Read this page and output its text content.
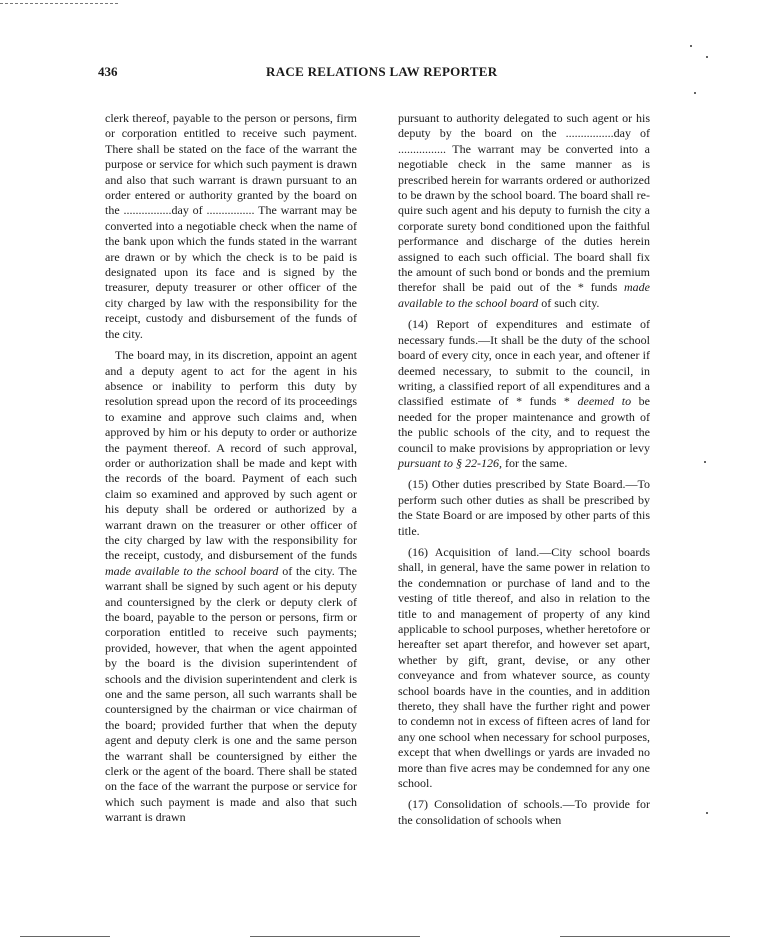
436	RACE RELATIONS LAW REPORTER

clerk thereof, payable to the person or persons, firm or corporation entitled to receive such payment. There shall be stated on the face of the warrant the purpose or service for which such payment is drawn and also that such warrant is drawn pursuant to an order entered or authority granted by the board on the ................day of ................ The warrant may be converted into a negotiable check when the name of the bank upon which the funds stated in the warrant are drawn or by which the check is to be paid is designated upon its face and is signed by the treasurer, deputy treasurer or other officer of the city charged by law with the responsibility for the receipt, custody and disbursement of the funds of the city.

The board may, in its discretion, appoint an agent and a deputy agent to act for the agent in his absence or inability to perform this duty by resolution spread upon the record of its proceedings to examine and approve such claims and, when approved by him or his deputy to order or authorize the payment thereof. A record of such approval, order or authorization shall be made and kept with the records of the board. Payment of each such claim so examined and approved by such agent or his deputy shall be ordered or authorized by a warrant drawn on the treasurer or other officer of the city charged by law with the responsibility for the receipt, custody, and disbursement of the funds made available to the school board of the city. The warrant shall be signed by such agent or his deputy and countersigned by the clerk or deputy clerk of the board, payable to the person or persons, firm or corporation entitled to receive such payments; provided, however, that when the agent appointed by the board is the division superintendent of schools and the division superintendent and clerk is one and the same person, all such warrants shall be countersigned by the chairman or vice chairman of the board; provided further that when the deputy agent and deputy clerk is one and the same person the warrant shall be countersigned by either the clerk or the agent of the board. There shall be stated on the face of the warrant the purpose or service for which such payment is made and also that such warrant is drawn

pursuant to authority delegated to such agent or his deputy by the board on the ................day of ................ The warrant may be converted into a negotiable check in the same manner as is prescribed herein for warrants ordered or authorized to be drawn by the school board. The board shall require such agent and his deputy to furnish the city a corporate surety bond conditioned upon the faithful performance and discharge of the duties herein assigned to each such official. The board shall fix the amount of such bond or bonds and the premium therefor shall be paid out of the * funds made available to the school board of such city.

(14) Report of expenditures and estimate of necessary funds.—It shall be the duty of the school board of every city, once in each year, and oftener if deemed necessary, to submit to the council, in writing, a classified report of all expenditures and a classified estimate of * funds * deemed to be needed for the proper maintenance and growth of the public schools of the city, and to request the council to make provisions by appropriation or levy pursuant to § 22-126, for the same.

(15) Other duties prescribed by State Board.—To perform such other duties as shall be prescribed by the State Board or are imposed by other parts of this title.

(16) Acquisition of land.—City school boards shall, in general, have the same power in relation to the condemnation or purchase of land and to the vesting of title thereof, and also in relation to the title to and management of property of any kind applicable to school purposes, whether heretofore or hereafter set apart therefor, and however set apart, whether by gift, grant, devise, or any other conveyance and from whatever source, as county school boards have in the counties, and in addition thereto, they shall have the further right and power to condemn not in excess of fifteen acres of land for any one school when necessary for school purposes, except that when dwellings or yards are invaded no more than five acres may be condemned for any one school.

(17) Consolidation of schools.—To provide for the consolidation of schools when
